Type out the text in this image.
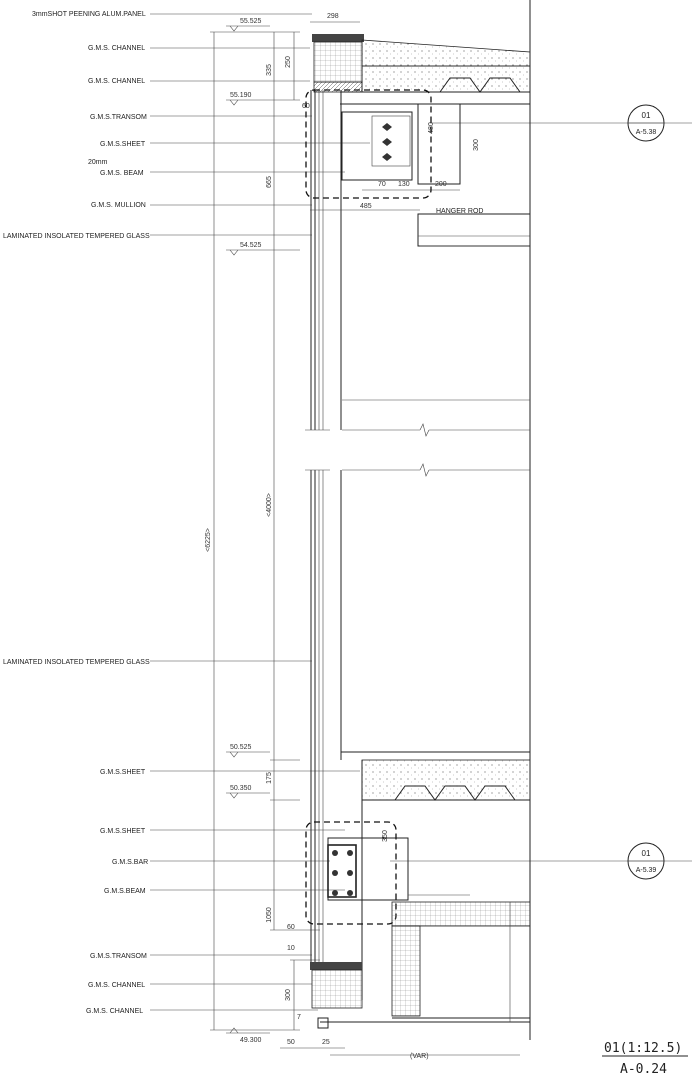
<6225>
<4000>
665
335
250
175
1050
300
60
10
7
50	25
(VAR)
298
60
55.525
55.190
54.525
50.525
50.350
49.300
3mmSHOT PEENING ALUM.PANEL
G.M.S. CHANNEL
G.M.S. CHANNEL
G.M.S.TRANSOM
G.M.S.SHEET
20mm
G.M.S. BEAM
G.M.S. MULLION
LAMINATED INSOLATED TEMPERED GLASS
LAMINATED INSOLATED TEMPERED GLASS
G.M.S.SHEET
G.M.S.SHEET
G.M.S.BAR
G.M.S.BEAM
G.M.S.TRANSOM
G.M.S. CHANNEL
G.M.S. CHANNEL
HANGER ROD
70 130	200
485
480
300
350
01
A-5.38
01
A-5.39
01(1:12.5)
A-0.24
